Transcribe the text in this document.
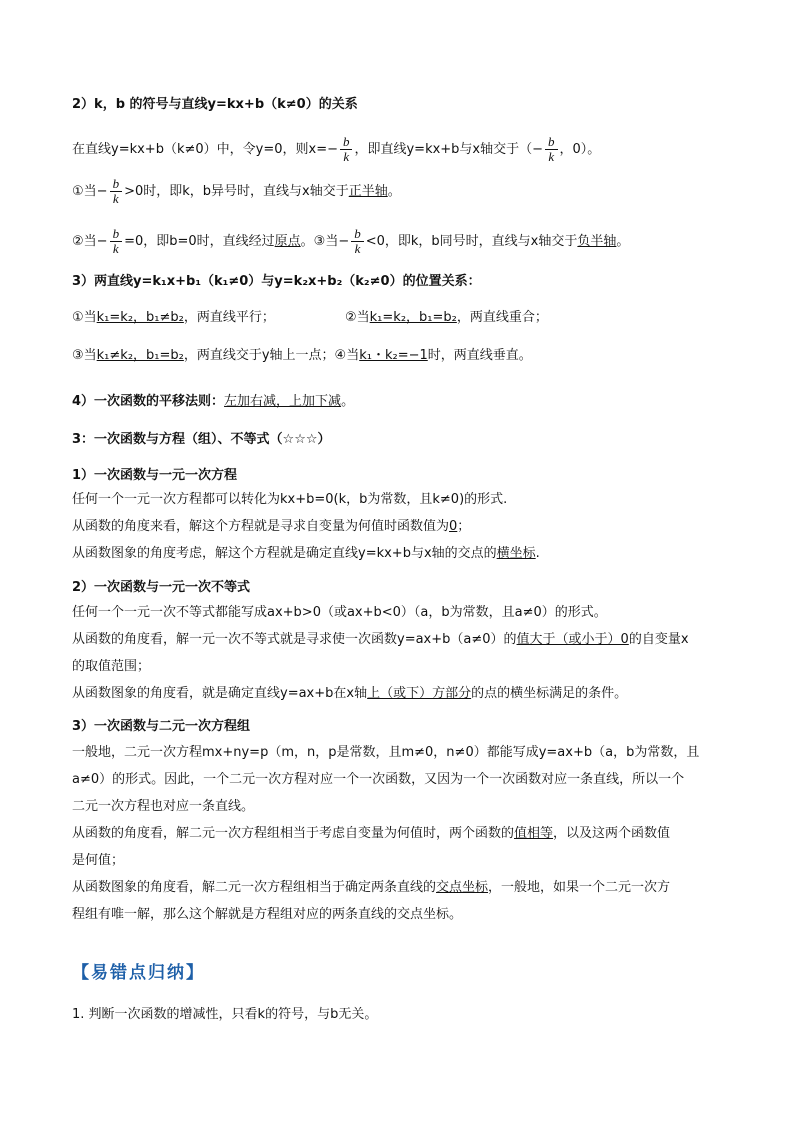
2）k，b 的符号与直线y=kx+b（k≠0）的关系
在直线y=kx+b（k≠0）中，令y=0，则$x=- \frac{b}{k}$ ，即直线y=kx+b与x轴交于（− $\frac{b}{k}$ ，0）。
①当− $\frac{b}{k} >0$时，即k，b异号时，直线与x轴交于正半轴。
②当− $\frac{b}{k} =0$，即b=0时，直线经过原点。③当− $\frac{b}{k} <0$，即k，b同号时，直线与x轴交于负半轴。
3）两直线y=k₁x+b₁（k₁≠0）与y=k₂x+b₂（k₂≠0）的位置关系：
①当k₁=k₂，b₁≠b₂，两直线平行；	②当k₁=k₂，b₁=b₂，两直线重合；
③当k₁≠k₂，b₁=b₂，两直线交于y轴上一点；④当k₁・k₂=−1时，两直线垂直。
4）一次函数的平移法则：左加右减，上加下减。
3：一次函数与方程（组）、不等式（☆☆☆）
1）一次函数与一元一次方程
任何一个一元一次方程都可以转化为kx+b=0(k，b为常数，且k≠0)的形式.
从函数的角度来看，解这个方程就是寻求自变量为何值时函数值为0；
从函数图象的角度考虑，解这个方程就是确定直线y=kx+b与x轴的交点的横坐标.
2）一次函数与一元一次不等式
任何一个一元一次不等式都能写成ax+b>0（或ax+b<0）（a，b为常数，且a≠0）的形式。
从函数的角度看，解一元一次不等式就是寻求使一次函数y=ax+b（a≠0）的值大于（或小于）0的自变量x
的取值范围；
从函数图象的角度看，就是确定直线y=ax+b在x轴上（或下）方部分的点的横坐标满足的条件。
3）一次函数与二元一次方程组
一般地，二元一次方程mx+ny=p（m，n，p是常数，且m≠0，n≠0）都能写成y=ax+b（a，b为常数，且
a≠0）的形式。因此，一个二元一次方程对应一个一次函数，又因为一个一次函数对应一条直线，所以一个
二元一次方程也对应一条直线。
从函数的角度看，解二元一次方程组相当于考虑自变量为何值时，两个函数的值相等，以及这两个函数值
是何值；
从函数图象的角度看，解二元一次方程组相当于确定两条直线的交点坐标，一般地，如果一个二元一次方
程组有唯一解，那么这个解就是方程组对应的两条直线的交点坐标。
【易错点归纳】
1. 判断一次函数的增减性，只看k的符号，与b无关。
